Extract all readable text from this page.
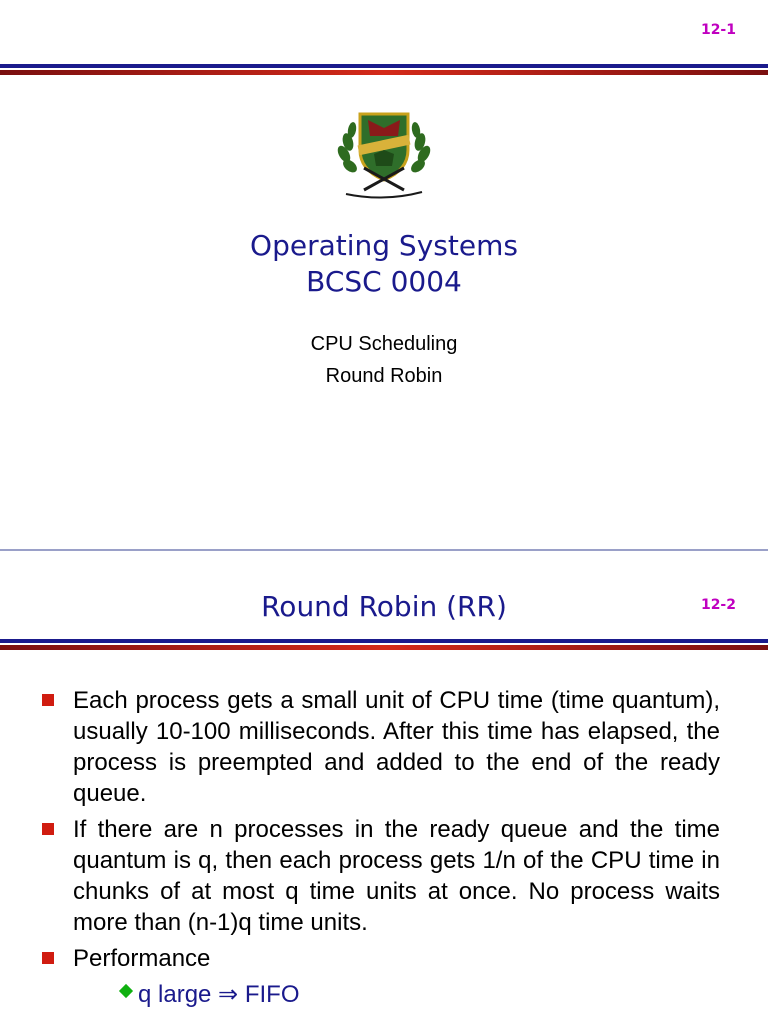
12-1
Operating Systems
BCSC 0004
CPU Scheduling
Round Robin
Round Robin (RR)	12-2
Each process gets a small unit of CPU time (time quantum), usually 10-100 milliseconds. After this time has elapsed, the process is preempted and added to the end of the ready queue.
If there are n processes in the ready queue and the time quantum is q, then each process gets 1/n of the CPU time in chunks of at most q time units at once. No process waits more than (n-1)q time units.
Performance
q large ⇒ FIFO
